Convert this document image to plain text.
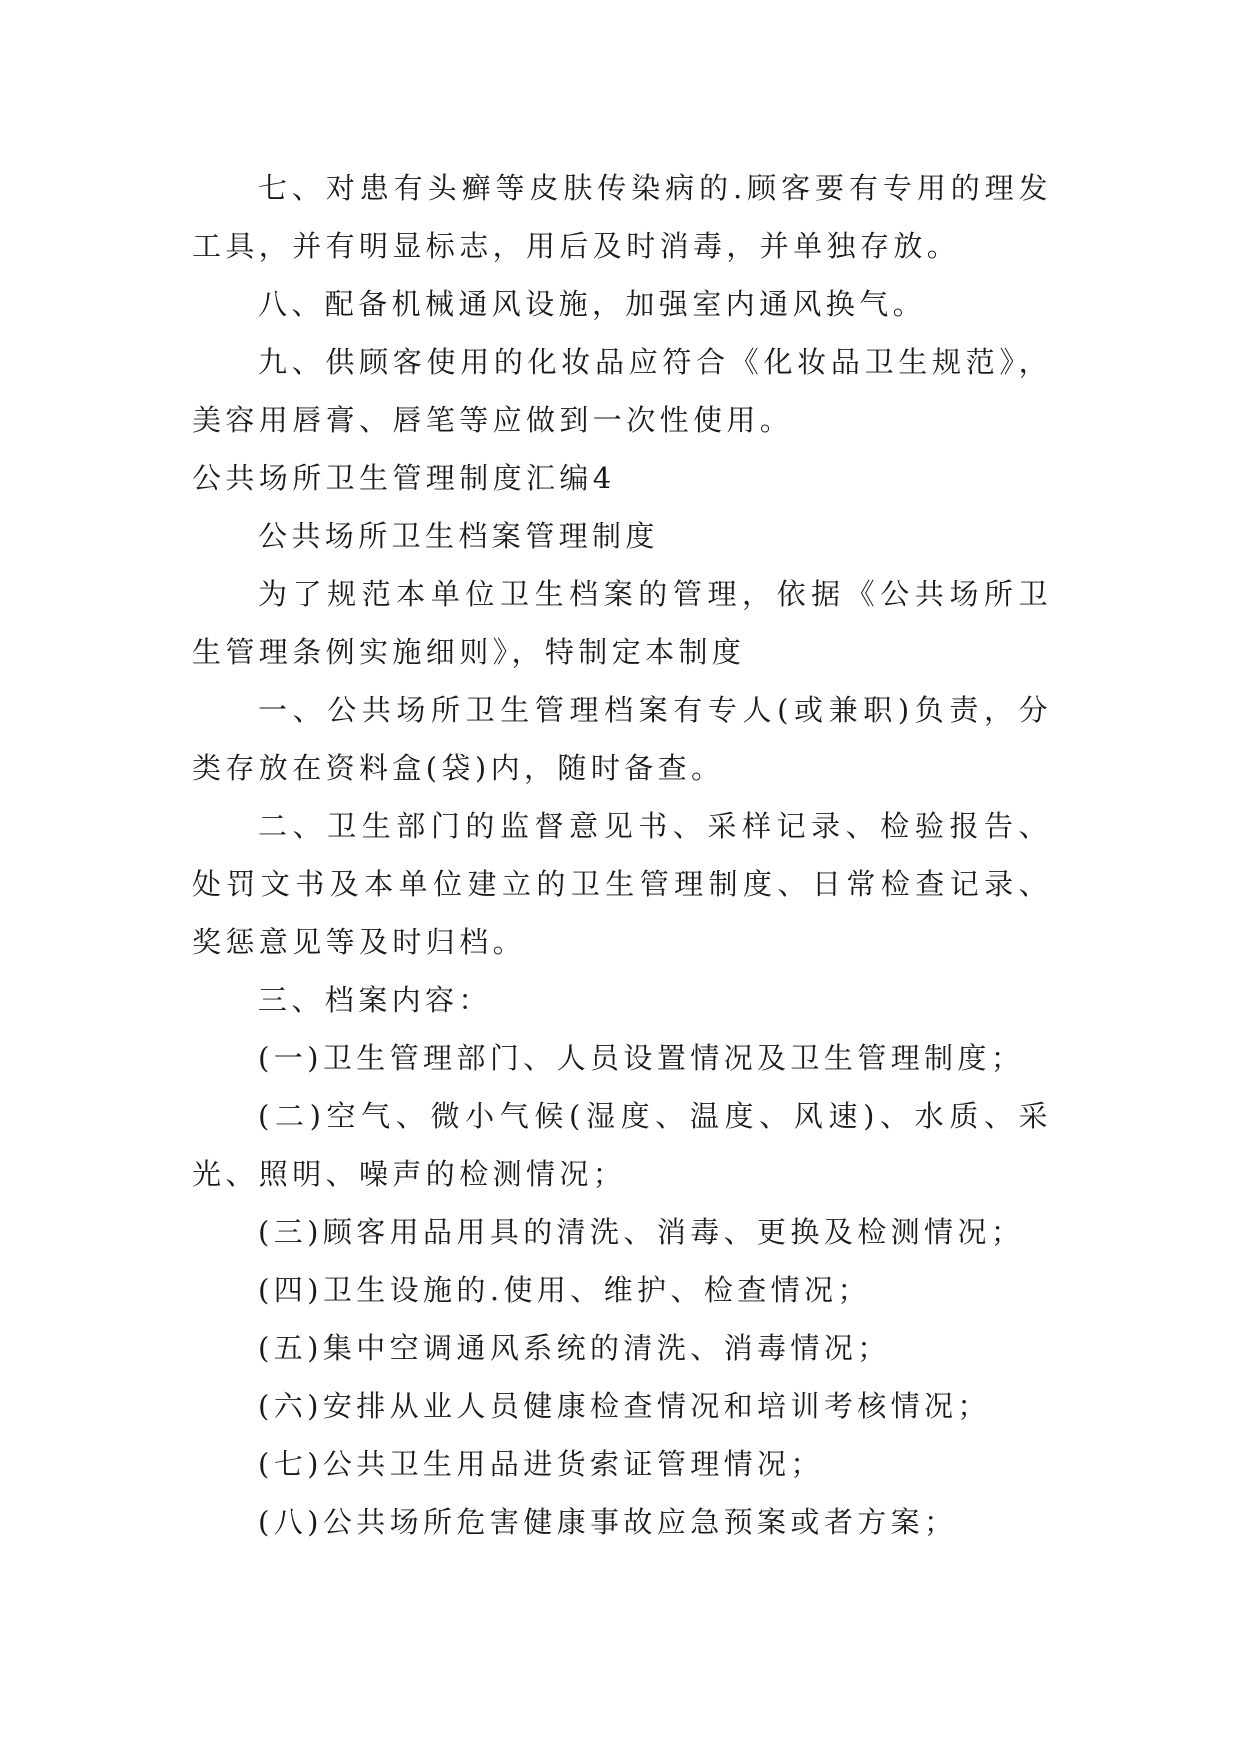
七、对患有头癣等皮肤传染病的.顾客要有专用的理发工具，并有明显标志，用后及时消毒，并单独存放。

八、配备机械通风设施，加强室内通风换气。

九、供顾客使用的化妆品应符合《化妆品卫生规范》，美容用唇膏、唇笔等应做到一次性使用。

公共场所卫生管理制度汇编4

公共场所卫生档案管理制度

为了规范本单位卫生档案的管理，依据《公共场所卫生管理条例实施细则》，特制定本制度

一、公共场所卫生管理档案有专人(或兼职)负责，分类存放在资料盒(袋)内，随时备查。

二、卫生部门的监督意见书、采样记录、检验报告、处罚文书及本单位建立的卫生管理制度、日常检查记录、奖惩意见等及时归档。

三、档案内容：

(一)卫生管理部门、人员设置情况及卫生管理制度；

(二)空气、微小气候(湿度、温度、风速)、水质、采光、照明、噪声的检测情况；

(三)顾客用品用具的清洗、消毒、更换及检测情况；

(四)卫生设施的.使用、维护、检查情况；

(五)集中空调通风系统的清洗、消毒情况；

(六)安排从业人员健康检查情况和培训考核情况；

(七)公共卫生用品进货索证管理情况；

(八)公共场所危害健康事故应急预案或者方案；
